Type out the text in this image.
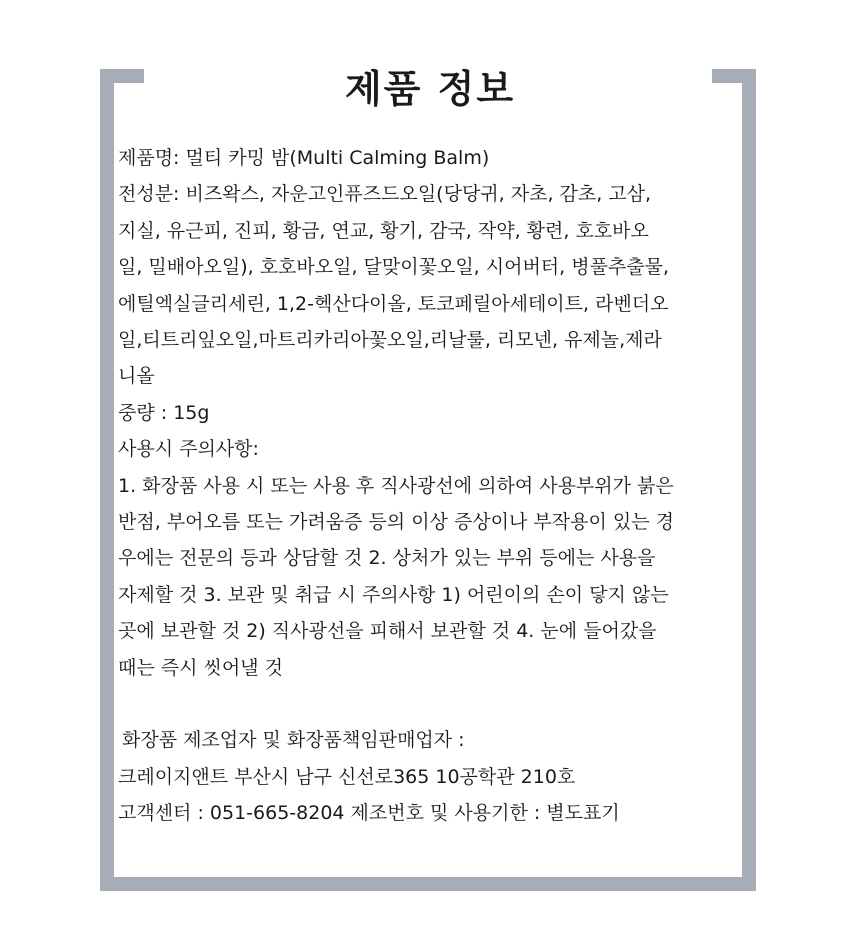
제품 정보

제품명: 멀티 카밍 밤(Multi Calming Balm)

전성분: 비즈왁스, 자운고인퓨즈드오일(당당귀, 자초, 감초, 고삼,

지실, 유근피, 진피, 황금, 연교, 황기, 감국, 작약, 황련, 호호바오

일, 밀배아오일), 호호바오일, 달맞이꽃오일, 시어버터, 병풀추출물,

에틸엑실글리세린, 1,2-헥산다이올, 토코페릴아세테이트, 라벤더오

일,티트리잎오일,마트리카리아꽃오일,리날룰, 리모넨, 유제놀,제라

니올

중량 : 15g

사용시 주의사항:

1. 화장품 사용 시 또는 사용 후 직사광선에 의하여 사용부위가 붉은

반점, 부어오름 또는 가려움증 등의 이상 증상이나 부작용이 있는 경

우에는 전문의 등과 상담할 것 2. 상처가 있는 부위 등에는 사용을

자제할 것 3. 보관 및 취급 시 주의사항 1) 어린이의 손이 닿지 않는

곳에 보관할 것 2) 직사광선을 피해서 보관할 것 4. 눈에 들어갔을

때는 즉시 씻어낼 것

화장품 제조업자 및 화장품책임판매업자 :

크레이지앤트 부산시 남구 신선로365 10공학관 210호

고객센터 : 051-665-8204 제조번호 및 사용기한 : 별도표기
